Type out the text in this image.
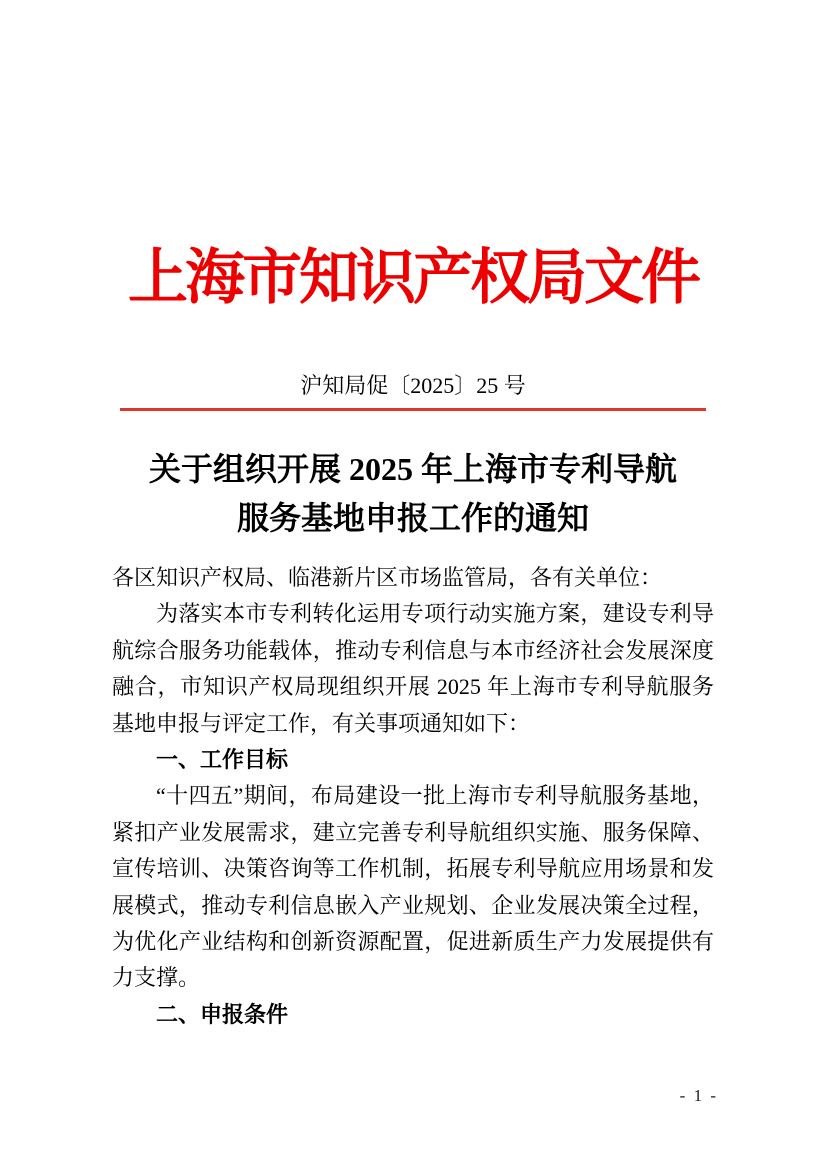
上海市知识产权局文件
沪知局促〔2025〕25 号
关于组织开展 2025 年上海市专利导航
服务基地申报工作的通知

各区知识产权局、临港新片区市场监管局，各有关单位：

为落实本市专利转化运用专项行动实施方案，建设专利导航综合服务功能载体，推动专利信息与本市经济社会发展深度融合，市知识产权局现组织开展 2025 年上海市专利导航服务基地申报与评定工作，有关事项通知如下：

一、工作目标

“十四五”期间，布局建设一批上海市专利导航服务基地，紧扣产业发展需求，建立完善专利导航组织实施、服务保障、宣传培训、决策咨询等工作机制，拓展专利导航应用场景和发展模式，推动专利信息嵌入产业规划、企业发展决策全过程，为优化产业结构和创新资源配置，促进新质生产力发展提供有力支撑。

二、申报条件

- 1 -
